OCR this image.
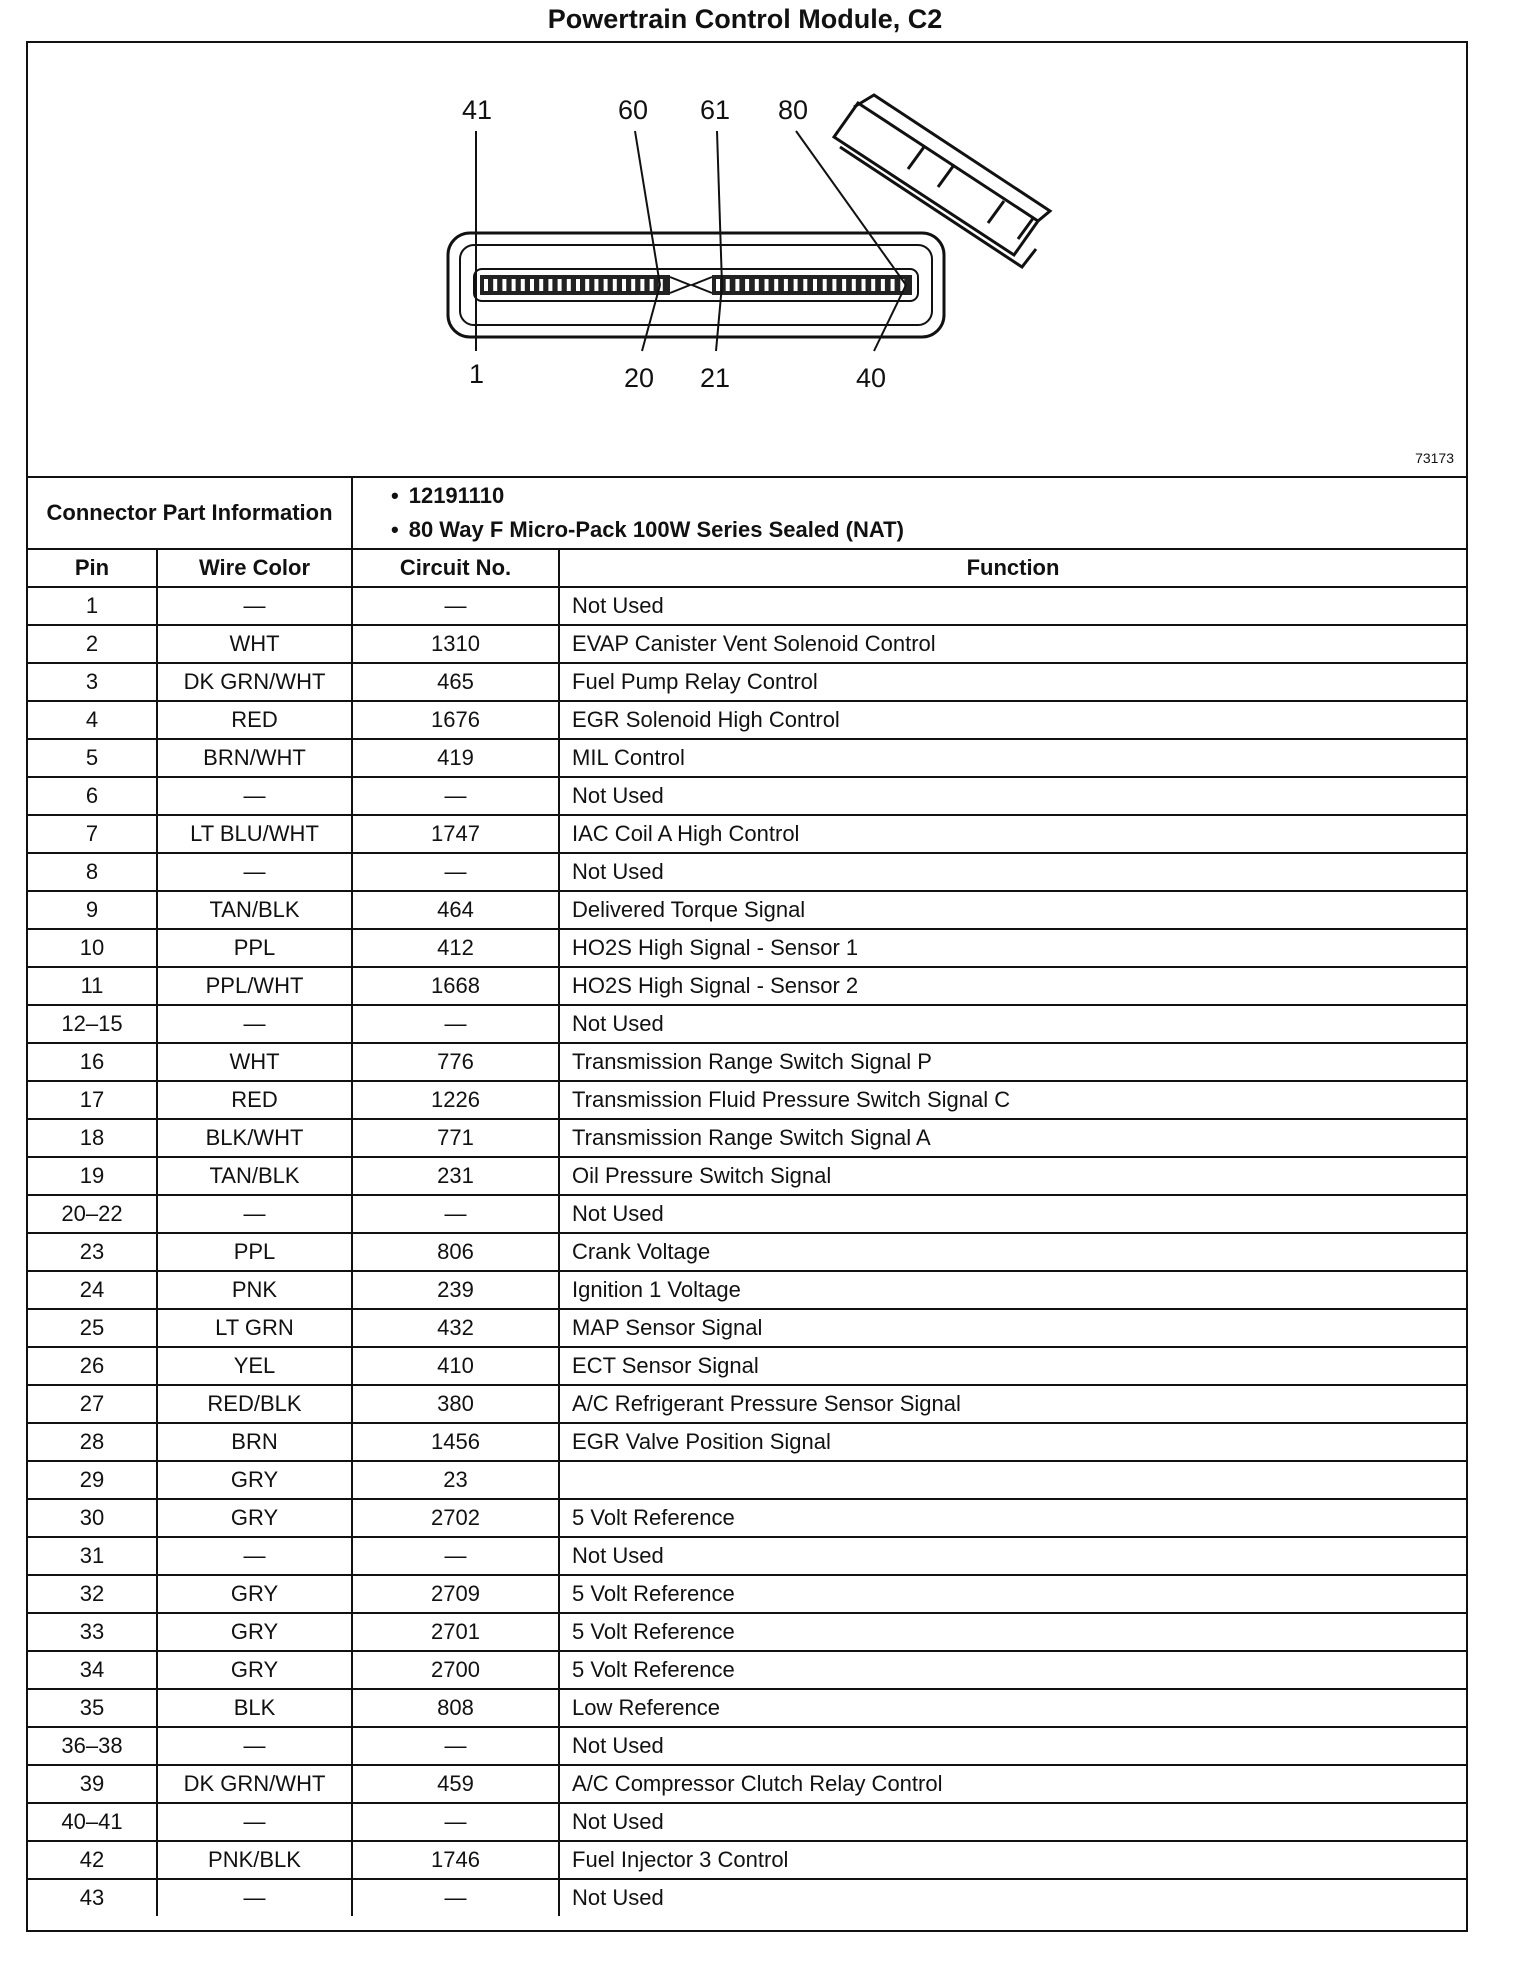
Powertrain Control Module, C2
41	60 61 80
1	20 21	40
73173
Connector Part Information		• 12191110
• 80 Way F Micro-Pack 100W Series Sealed (NAT)

Pin	Wire Color	Circuit No.	Function
1	—	—	Not Used
2	WHT	1310	EVAP Canister Vent Solenoid Control
3	DK GRN/WHT	465	Fuel Pump Relay Control
4	RED	1676	EGR Solenoid High Control
5	BRN/WHT	419	MIL Control
6	—	—	Not Used
7	LT BLU/WHT	1747	IAC Coil A High Control
8	—	—	Not Used
9	TAN/BLK	464	Delivered Torque Signal
10	PPL	412	HO2S High Signal - Sensor 1
11	PPL/WHT	1668	HO2S High Signal - Sensor 2
12–15	—	—	Not Used
16	WHT	776	Transmission Range Switch Signal P
17	RED	1226	Transmission Fluid Pressure Switch Signal C
18	BLK/WHT	771	Transmission Range Switch Signal A
19	TAN/BLK	231	Oil Pressure Switch Signal
20–22	—	—	Not Used
23	PPL	806	Crank Voltage
24	PNK	239	Ignition 1 Voltage
25	LT GRN	432	MAP Sensor Signal
26	YEL	410	ECT Sensor Signal
27	RED/BLK	380	A/C Refrigerant Pressure Sensor Signal
28	BRN	1456	EGR Valve Position Signal
29	GRY	23	
30	GRY	2702	5 Volt Reference
31	—	—	Not Used
32	GRY	2709	5 Volt Reference
33	GRY	2701	5 Volt Reference
34	GRY	2700	5 Volt Reference
35	BLK	808	Low Reference
36–38	—	—	Not Used
39	DK GRN/WHT	459	A/C Compressor Clutch Relay Control
40–41	—	—	Not Used
42	PNK/BLK	1746	Fuel Injector 3 Control
43	—	—	Not Used
